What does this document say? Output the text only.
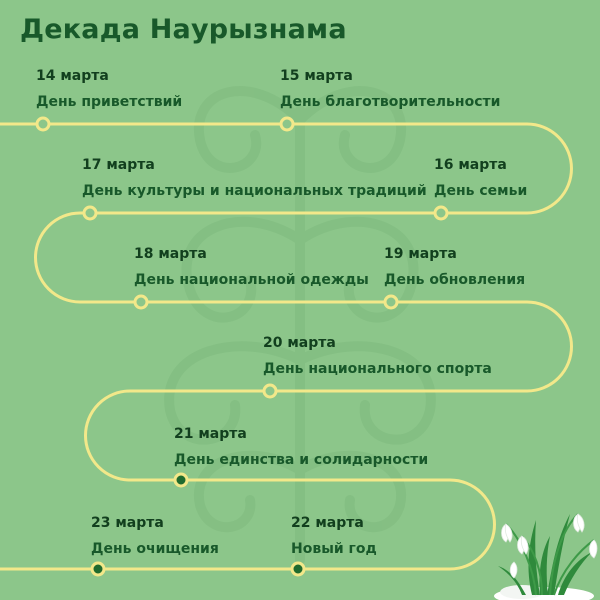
Декада Наурызнама
14 марта
День приветствий
15 марта
День благотворительности
16 марта
День семьи
17 марта
День культуры и национальных традиций
18 марта
День национальной одежды
19 марта
День обновления
20 марта
День национального спорта
21 марта
День единства и солидарности
22 марта
Новый год
23 марта
День очищения
